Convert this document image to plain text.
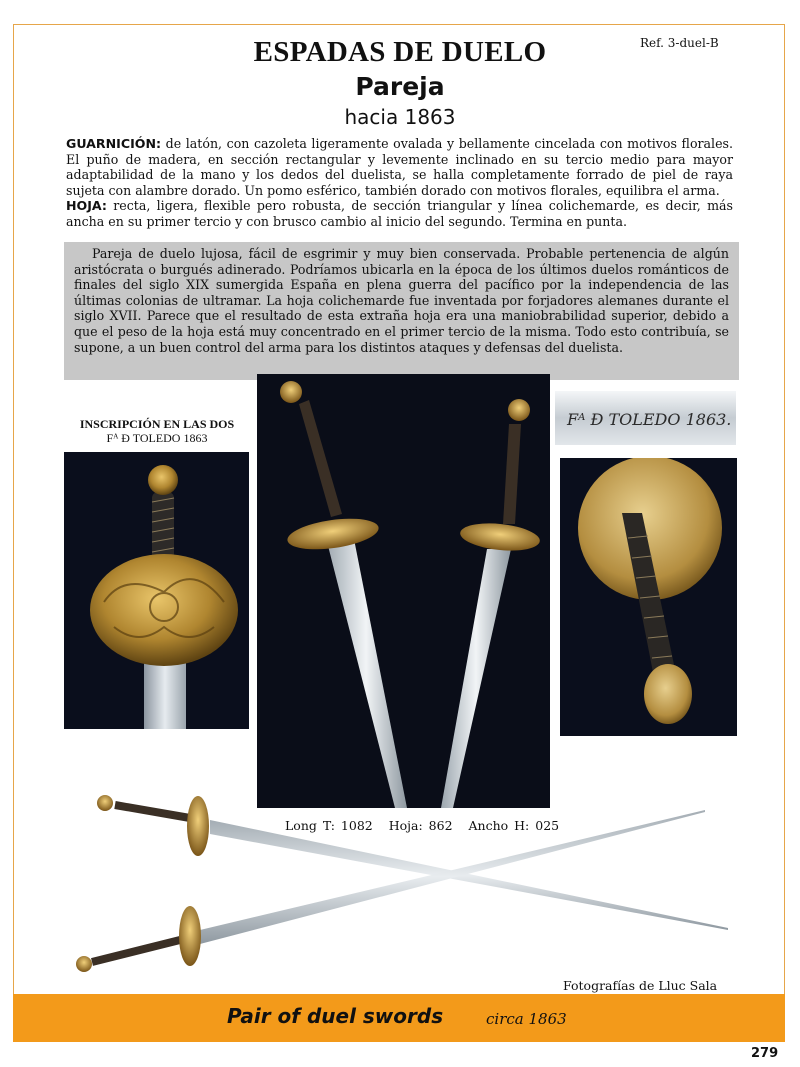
Ref. 3-duel-B
ESPADAS DE DUELO
Pareja
hacia 1863
GUARNICIÓN: de latón, con cazoleta ligeramente ovalada y bellamente cincelada con motivos florales. El puño de madera, en sección rectangular y levemente inclinado en su tercio medio para mayor adaptabilidad de la mano y los dedos del duelista, se halla completamente forrado de piel de raya sujeta con alambre dorado. Un pomo esférico, también dorado con motivos florales, equilibra el arma.
HOJA: recta, ligera, flexible pero robusta, de sección triangular y línea colichemarde, es decir, más ancha en su primer tercio y con brusco cambio al inicio del segundo. Termina en punta.
Pareja de duelo lujosa, fácil de esgrimir y muy bien conservada. Probable pertenencia de algún aristócrata o burgués adinerado. Podríamos ubicarla en la época de los últimos duelos románticos de finales del siglo XIX sumergida España en plena guerra del pacífico por la independencia de las últimas colonias de ultramar. La hoja colichemarde fue inventada por forjadores alemanes durante el siglo XVII. Parece que el resultado de esta extraña hoja era una maniobrabilidad superior, debido a que el peso de la hoja está muy concentrado en el primer tercio de la misma. Todo esto contribuía, se supone, a un buen control del arma para los distintos ataques y defensas del duelista.
INSCRIPCIÓN EN LAS DOS
Fᴬ Đ TOLEDO 1863
Fᴬ Đ TOLEDO 1863.
Long T: 1082 Hoja: 862 Ancho H: 025
Fotografías de Lluc Sala
Pair of duel swords	circa 1863
279
